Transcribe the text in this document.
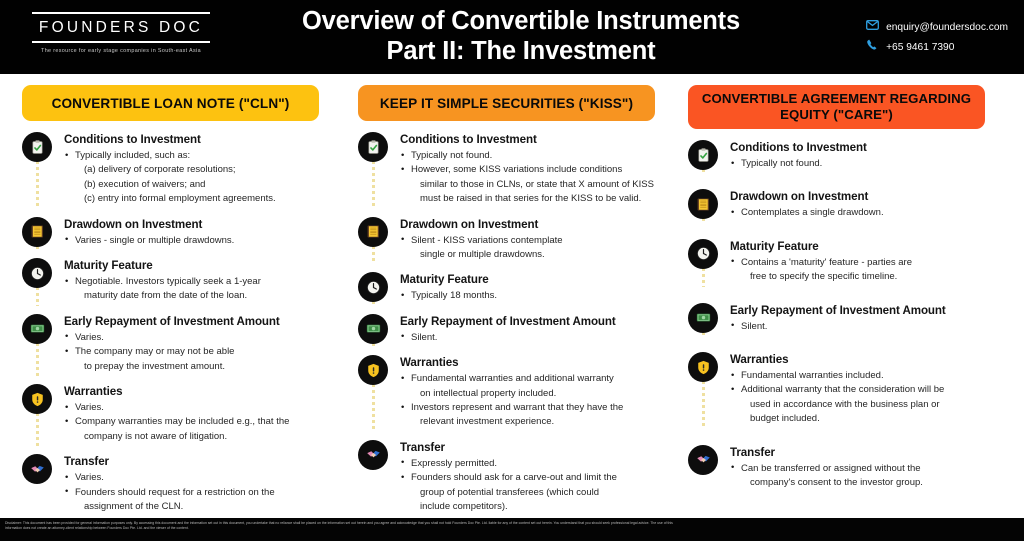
FOUNDERS DOC
The resource for early stage companies in South-east Asia
Overview of Convertible Instruments
Part II: The Investment
enquiry@foundersdoc.com
+65 9461 7390
CONVERTIBLE LOAN NOTE ("CLN")
Conditions to Investment
• Typically included, such as:
(a) delivery of corporate resolutions;
(b) execution of waivers; and
(c) entry into formal employment agreements.
Drawdown on Investment
• Varies - single or multiple drawdowns.
Maturity Feature
• Negotiable. Investors typically seek a 1-year
maturity date from the date of the loan.
Early Repayment of Investment Amount
• Varies.
• The company may or may not be able
to prepay the investment amount.
Warranties
• Varies.
• Company warranties may be included e.g., that the
company is not aware of litigation.
Transfer
• Varies.
• Founders should request for a restriction on the
assignment of the CLN.
KEEP IT SIMPLE SECURITIES ("KISS")
Conditions to Investment
• Typically not found.
• However, some KISS variations include conditions
similar to those in CLNs, or state that X amount of KISS
must be raised in that series for the KISS to be valid.
Drawdown on Investment
• Silent - KISS variations contemplate
single or multiple drawdowns.
Maturity Feature
• Typically 18 months.
Early Repayment of Investment Amount
• Silent.
Warranties
• Fundamental warranties and additional warranty
on intellectual property included.
• Investors represent and warrant that they have the
relevant investment experience.
Transfer
• Expressly permitted.
• Founders should ask for a carve-out and limit the
group of potential transferees (which could
include competitors).
CONVERTIBLE AGREEMENT REGARDING
EQUITY ("CARE")
Conditions to Investment
• Typically not found.
Drawdown on Investment
• Contemplates a single drawdown.
Maturity Feature
• Contains a 'maturity' feature - parties are
free to specify the specific timeline.
Early Repayment of Investment Amount
• Silent.
Warranties
• Fundamental warranties included.
• Additional warranty that the consideration will be
used in accordance with the business plan or
budget included.
Transfer
• Can be transferred or assigned without the
company's consent to the investor group.

Disclaimer: This document has been provided for general information purposes only. By accessing this document and the information set out in this document, you undertake that no reliance shall be placed on the information set out herein and you agree and acknowledge that you shall not hold Founders Doc Pte. Ltd. liable for any of the content set out herein. You understand that you should seek professional legal advice. The use of this

information does not create an attorney-client relationship between Founders Doc Pte. Ltd. and the viewer of the content.
